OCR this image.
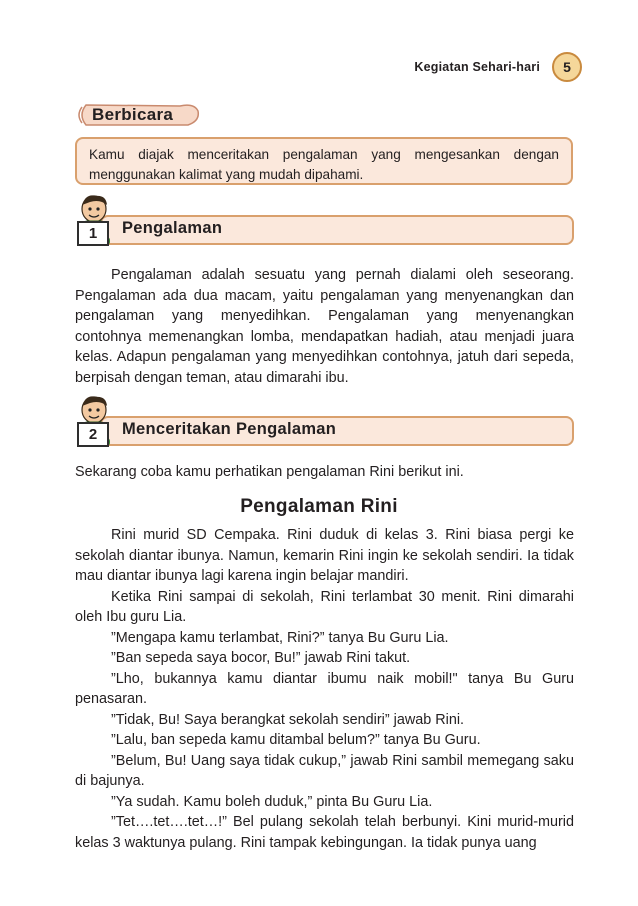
Kegiatan Sehari-hari	5
Berbicara
Kamu diajak menceritakan pengalaman yang mengesankan dengan menggunakan kalimat yang mudah dipahami.
1	Pengalaman

Pengalaman adalah sesuatu yang pernah dialami oleh seseorang. Pengalaman ada dua macam, yaitu pengalaman yang menyenangkan dan pengalaman yang menyedihkan. Pengalaman yang menyenangkan contohnya memenangkan lomba, mendapatkan hadiah, atau menjadi juara kelas. Adapun pengalaman yang menyedihkan contohnya, jatuh dari sepeda, berpisah dengan teman, atau dimarahi ibu.

2	Menceritakan Pengalaman
Sekarang coba kamu perhatikan pengalaman Rini berikut ini.
Pengalaman Rini

Rini murid SD Cempaka. Rini duduk di kelas 3. Rini biasa pergi ke sekolah diantar ibunya. Namun, kemarin Rini ingin ke sekolah sendiri. Ia tidak mau diantar ibunya lagi karena ingin belajar mandiri.

Ketika Rini sampai di sekolah, Rini terlambat 30 menit. Rini dimarahi oleh Ibu guru Lia.

”Mengapa kamu terlambat, Rini?” tanya Bu Guru Lia.

”Ban sepeda saya bocor, Bu!” jawab Rini takut.

”Lho, bukannya kamu diantar ibumu naik mobil!" tanya Bu Guru penasaran.

”Tidak, Bu! Saya berangkat sekolah sendiri” jawab Rini.

”Lalu, ban sepeda kamu ditambal belum?” tanya Bu Guru.

”Belum, Bu! Uang saya tidak cukup,” jawab Rini sambil memegang saku di bajunya.

”Ya sudah. Kamu boleh duduk,” pinta Bu Guru Lia.

”Tet….tet….tet…!” Bel pulang sekolah telah berbunyi. Kini murid-murid kelas 3 waktunya pulang. Rini tampak kebingungan. Ia tidak punya uang
